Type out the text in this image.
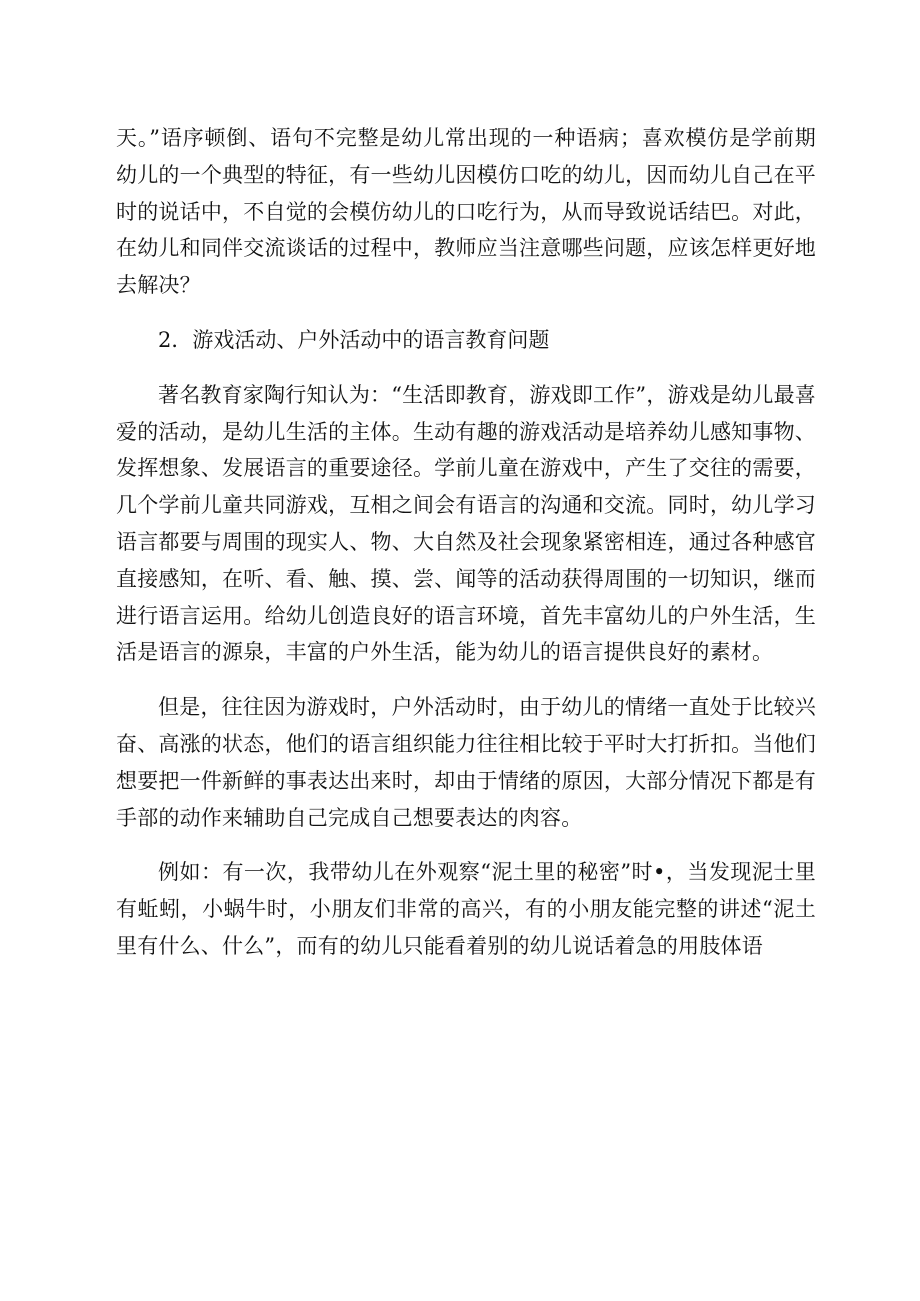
天。”语序顿倒、语句不完整是幼儿常出现的一种语病；喜欢模仿是学前期幼儿的一个典型的特征，有一些幼儿因模仿口吃的幼儿，因而幼儿自己在平时的说话中，不自觉的会模仿幼儿的口吃行为，从而导致说话结巴。对此，在幼儿和同伴交流谈话的过程中，教师应当注意哪些问题，应该怎样更好地去解决？

2．游戏活动、户外活动中的语言教育问题

著名教育家陶行知认为：“生活即教育，游戏即工作”，游戏是幼儿最喜爱的活动，是幼儿生活的主体。生动有趣的游戏活动是培养幼儿感知事物、发挥想象、发展语言的重要途径。学前儿童在游戏中，产生了交往的需要，几个学前儿童共同游戏，互相之间会有语言的沟通和交流。同时，幼儿学习语言都要与周围的现实人、物、大自然及社会现象紧密相连，通过各种感官直接感知，在听、看、触、摸、尝、闻等的活动获得周围的一切知识，继而进行语言运用。给幼儿创造良好的语言环境，首先丰富幼儿的户外生活，生活是语言的源泉，丰富的户外生活，能为幼儿的语言提供良好的素材。

但是，往往因为游戏时，户外活动时，由于幼儿的情绪一直处于比较兴奋、高涨的状态，他们的语言组织能力往往相比较于平时大打折扣。当他们想要把一件新鲜的事表达出来时，却由于情绪的原因，大部分情况下都是有手部的动作来辅助自己完成自己想要表达的肉容。

例如：有一次，我带幼儿在外观察“泥土里的秘密”时•，当发现泥士里有蚯蚓，小蜗牛时，小朋友们非常的高兴，有的小朋友能完整的讲述“泥土里有什么、什么”，而有的幼儿只能看着别的幼儿说话着急的用肢体语
